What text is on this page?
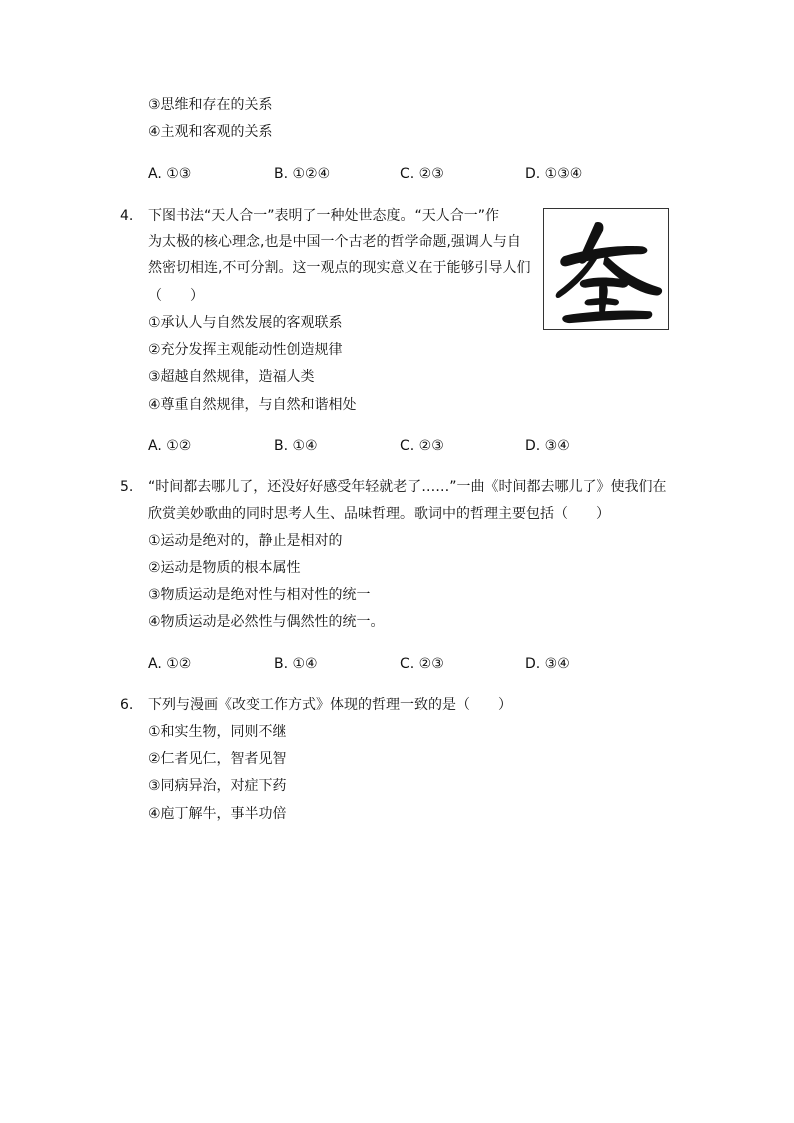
③思维和存在的关系
④主观和客观的关系
A. ①③	B. ①②④	C. ②③	D. ①③④
4. 下图书法“天人合一”表明了一种处世态度。“天人合一”作
为太极的核心理念,也是中国一个古老的哲学命题,强调人与自
然密切相连,不可分割。这一观点的现实意义在于能够引导人们
（　　）
①承认人与自然发展的客观联系
②充分发挥主观能动性创造规律
③超越自然规律，造福人类
④尊重自然规律，与自然和谐相处
A. ①②	B. ①④	C. ②③	D. ③④
5. “时间都去哪儿了，还没好好感受年轻就老了……”一曲《时间都去哪儿了》使我们在
欣赏美妙歌曲的同时思考人生、品味哲理。歌词中的哲理主要包括（　　）
①运动是绝对的，静止是相对的
②运动是物质的根本属性
③物质运动是绝对性与相对性的统一
④物质运动是必然性与偶然性的统一。
A. ①②	B. ①④	C. ②③	D. ③④
6. 下列与漫画《改变工作方式》体现的哲理一致的是（　　）
①和实生物，同则不继
②仁者见仁，智者见智
③同病异治，对症下药
④庖丁解牛，事半功倍
